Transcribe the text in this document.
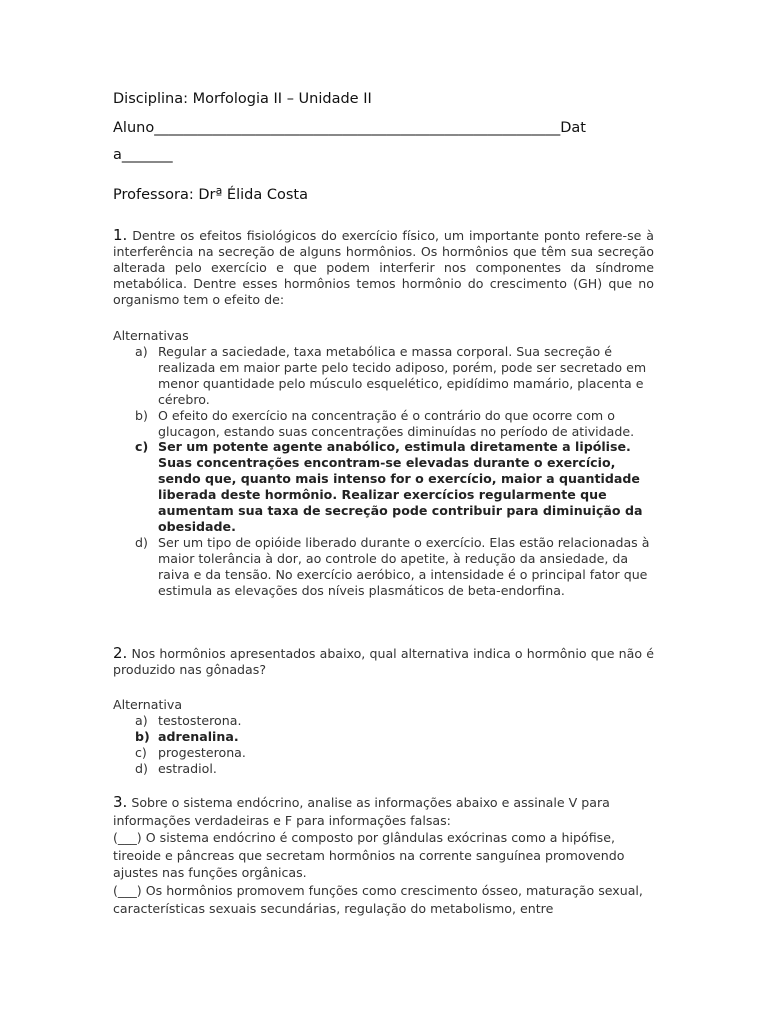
Disciplina: Morfologia II – Unidade II
Aluno________________________________________________________Dat
a_______
Professora: Drª Élida Costa
1. Dentre os efeitos fisiológicos do exercício físico, um importante ponto refere-se à interferência na secreção de alguns hormônios. Os hormônios que têm sua secreção alterada pelo exercício e que podem interferir nos componentes da síndrome metabólica. Dentre esses hormônios temos hormônio do crescimento (GH) que no organismo tem o efeito de:
Alternativas
a) Regular a saciedade, taxa metabólica e massa corporal. Sua secreção é realizada em maior parte pelo tecido adiposo, porém, pode ser secretado em menor quantidade pelo músculo esquelético, epidídimo mamário, placenta e cérebro.
b) O efeito do exercício na concentração é o contrário do que ocorre com o glucagon, estando suas concentrações diminuídas no período de atividade.
c) Ser um potente agente anabólico, estimula diretamente a lipólise. Suas concentrações encontram-se elevadas durante o exercício, sendo que, quanto mais intenso for o exercício, maior a quantidade liberada deste hormônio. Realizar exercícios regularmente que aumentam sua taxa de secreção pode contribuir para diminuição da obesidade.
d) Ser um tipo de opióide liberado durante o exercício. Elas estão relacionadas à maior tolerância à dor, ao controle do apetite, à redução da ansiedade, da raiva e da tensão. No exercício aeróbico, a intensidade é o principal fator que estimula as elevações dos níveis plasmáticos de beta-endorfina.
2. Nos hormônios apresentados abaixo, qual alternativa indica o hormônio que não é produzido nas gônadas?
Alternativa
a) testosterona.
b) adrenalina.
c) progesterona.
d) estradiol.

3. Sobre o sistema endócrino, analise as informações abaixo e assinale V para informações verdadeiras e F para informações falsas:

(___) O sistema endócrino é composto por glândulas exócrinas como a hipófise, tireoide e pâncreas que secretam hormônios na corrente sanguínea promovendo ajustes nas funções orgânicas.

(___) Os hormônios promovem funções como crescimento ósseo, maturação sexual, características sexuais secundárias, regulação do metabolismo, entre
